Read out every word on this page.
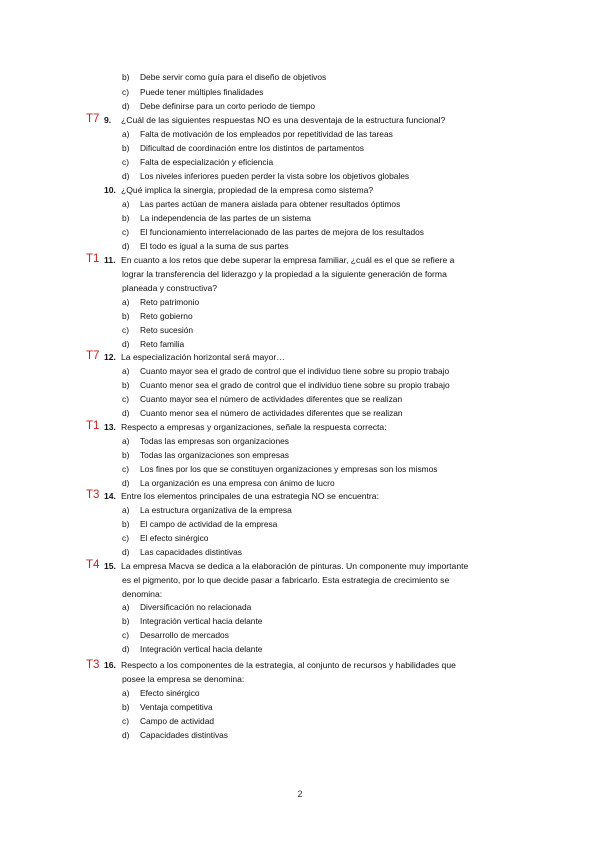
b) Debe servir como guía para el diseño de objetivos
c) Puede tener múltiples finalidades
d) Debe definirse para un corto periodo de tiempo
T7 9. ¿Cuál de las siguientes respuestas NO es una desventaja de la estructura funcional?
a) Falta de motivación de los empleados por repetitividad de las tareas
b) Dificultad de coordinación entre los distintos de partamentos
c) Falta de especialización y eficiencia
d) Los niveles inferiores pueden perder la vista sobre los objetivos globales
10. ¿Qué implica la sinergia, propiedad de la empresa como sistema?
a) Las partes actúan de manera aislada para obtener resultados óptimos
b) La independencia de las partes de un sistema
c) El funcionamiento interrelacionado de las partes de mejora de los resultados
d) El todo es igual a la suma de sus partes
T1 11. En cuanto a los retos que debe superar la empresa familiar, ¿cuál es el que se refiere a
lograr la transferencia del liderazgo y la propiedad a la siguiente generación de forma
planeada y constructiva?
a) Reto patrimonio
b) Reto gobierno
c) Reto sucesión
d) Reto familia
T7 12. La especialización horizontal será mayor…
a) Cuanto mayor sea el grado de control que el individuo tiene sobre su propio trabajo
b) Cuanto menor sea el grado de control que el individuo tiene sobre su propio trabajo
c) Cuanto mayor sea el número de actividades diferentes que se realizan
d) Cuanto menor sea el número de actividades diferentes que se realizan
T1 13. Respecto a empresas y organizaciones, señale la respuesta correcta:
a) Todas las empresas son organizaciones
b) Todas las organizaciones son empresas
c) Los fines por los que se constituyen organizaciones y empresas son los mismos
d) La organización es una empresa con ánimo de lucro
T3 14. Entre los elementos principales de una estrategia NO se encuentra:
a) La estructura organizativa de la empresa
b) El campo de actividad de la empresa
c) El efecto sinérgico
d) Las capacidades distintivas
T4 15. La empresa Macva se dedica a la elaboración de pinturas. Un componente muy importante
es el pigmento, por lo que decide pasar a fabricarlo. Esta estrategia de crecimiento se
denomina:
a) Diversificación no relacionada
b) Integración vertical hacia delante
c) Desarrollo de mercados
d) Integración vertical hacia delante
T3 16. Respecto a los componentes de la estrategia, al conjunto de recursos y habilidades que
posee la empresa se denomina:
a) Efecto sinérgico
b) Ventaja competitiva
c) Campo de actividad
d) Capacidades distintivas
2
